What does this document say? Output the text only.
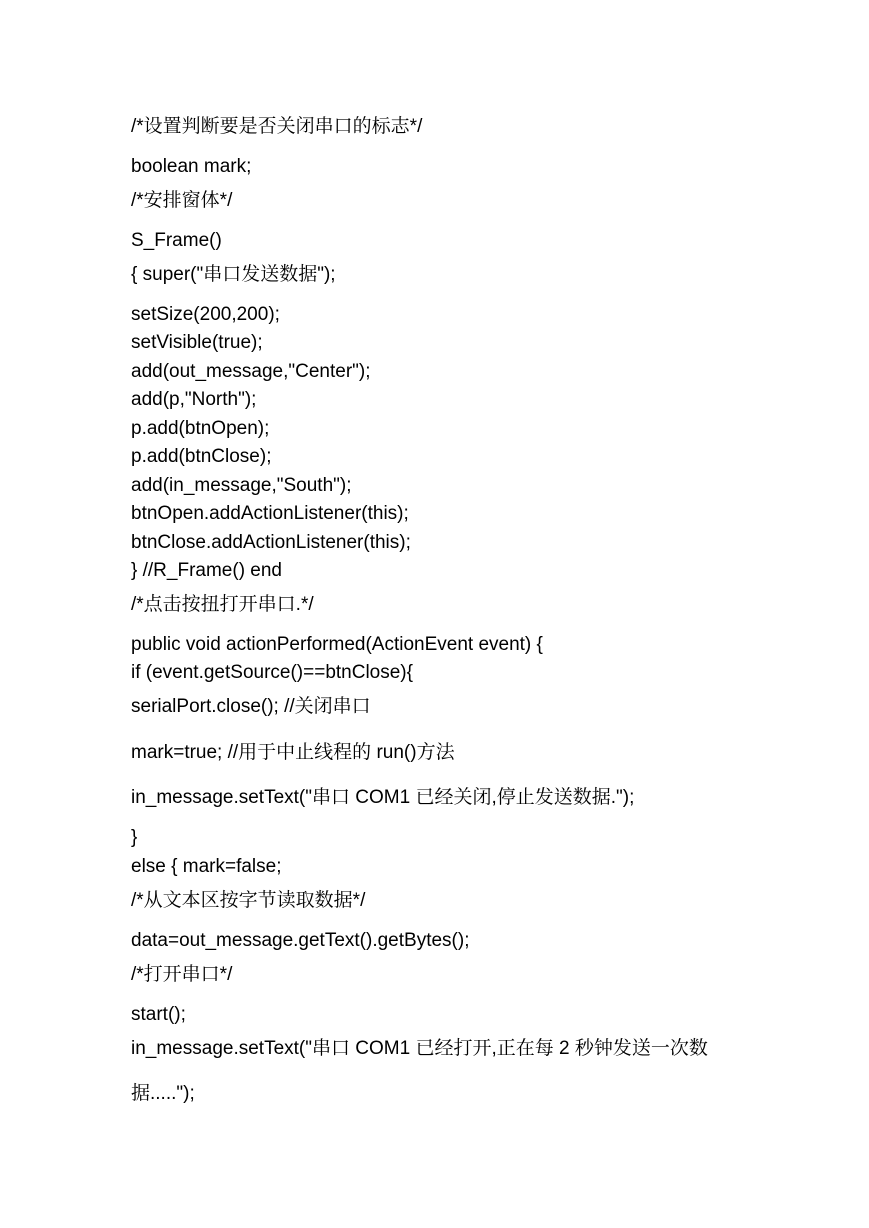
/*设置判断要是否关闭串口的标志*/

boolean mark;

/*安排窗体*/

S_Frame()

{ super("串口发送数据");

setSize(200,200);

setVisible(true);

add(out_message,"Center");

add(p,"North");

p.add(btnOpen);

p.add(btnClose);

add(in_message,"South");

btnOpen.addActionListener(this);

btnClose.addActionListener(this);

} //R_Frame() end

/*点击按扭打开串口.*/

public void actionPerformed(ActionEvent event) {

if (event.getSource()==btnClose){

serialPort.close(); //关闭串口

mark=true; //用于中止线程的 run()方法

in_message.setText("串口 COM1 已经关闭,停止发送数据.");

}

else { mark=false;

/*从文本区按字节读取数据*/

data=out_message.getText().getBytes();

/*打开串口*/

start();

in_message.setText("串口 COM1 已经打开,正在每 2 秒钟发送一次数

据.....");
